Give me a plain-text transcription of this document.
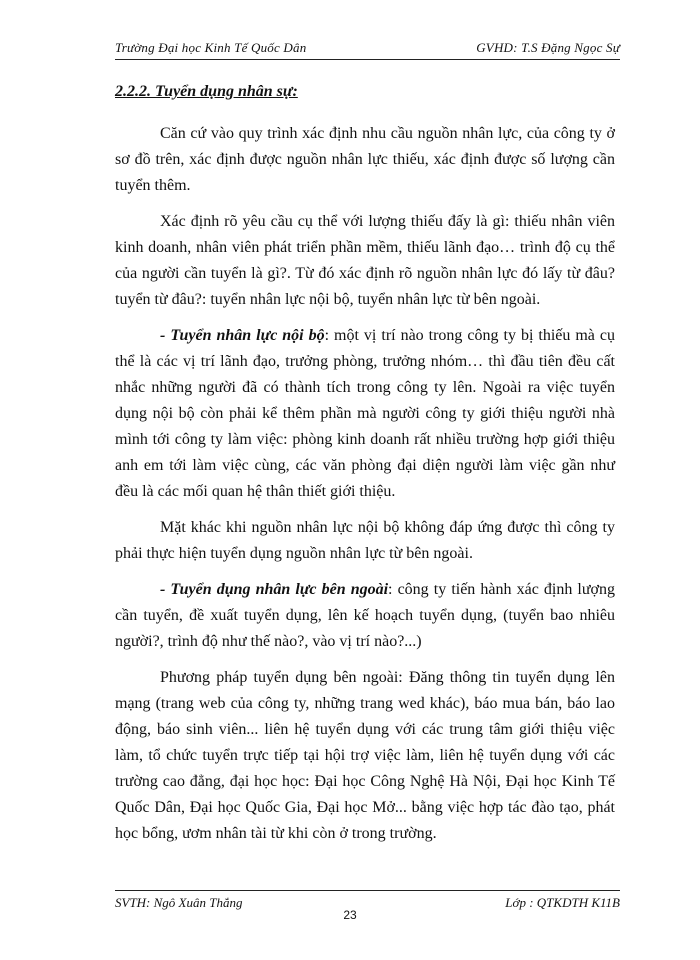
Trường Đại học Kinh Tế Quốc Dân	GVHD: T.S Đặng Ngọc Sự
2.2.2. Tuyển dụng nhân sự:

Căn cứ vào quy trình xác định nhu cầu nguồn nhân lực, của công ty ở sơ đồ trên, xác định được nguồn nhân lực thiếu, xác định được số lượng cần tuyển thêm.

Xác định rõ yêu cầu cụ thể với lượng thiếu đấy là gì: thiếu nhân viên kinh doanh, nhân viên phát triển phần mềm, thiếu lãnh đạo… trình độ cụ thể của người cần tuyển là gì?. Từ đó xác định rõ nguồn nhân lực đó lấy từ đâu? tuyển từ đâu?: tuyển nhân lực nội bộ, tuyển nhân lực từ bên ngoài.

- Tuyển nhân lực nội bộ: một vị trí nào trong công ty bị thiếu mà cụ thể là các vị trí lãnh đạo, trưởng phòng, trưởng nhóm… thì đầu tiên đều cất nhắc những người đã có thành tích trong công ty lên. Ngoài ra việc tuyển dụng nội bộ còn phải kể thêm phần mà người công ty giới thiệu người nhà mình tới công ty làm việc: phòng kinh doanh rất nhiều trường hợp giới thiệu anh em tới làm việc cùng, các văn phòng đại diện người làm việc gần như đều là các mối quan hệ thân thiết giới thiệu.

Mặt khác khi nguồn nhân lực nội bộ không đáp ứng được thì công ty phải thực hiện tuyển dụng nguồn nhân lực từ bên ngoài.

- Tuyển dụng nhân lực bên ngoài: công ty tiến hành xác định lượng cần tuyển, đề xuất tuyển dụng, lên kế hoạch tuyển dụng, (tuyển bao nhiêu người?, trình độ như thế nào?, vào vị trí nào?...)

Phương pháp tuyển dụng bên ngoài: Đăng thông tin tuyển dụng lên mạng (trang web của công ty, những trang wed khác), báo mua bán, báo lao động, báo sinh viên... liên hệ tuyển dụng với các trung tâm giới thiệu việc làm, tổ chức tuyển trực tiếp tại hội trợ việc làm, liên hệ tuyển dụng với các trường cao đẳng, đại học học: Đại học Công Nghệ Hà Nội, Đại học Kinh Tế Quốc Dân, Đại học Quốc Gia, Đại học Mở... bằng việc hợp tác đào tạo, phát học bổng, ươm nhân tài từ khi còn ở trong trường.

SVTH: Ngô Xuân Thắng	Lớp : QTKDTH K11B
23
